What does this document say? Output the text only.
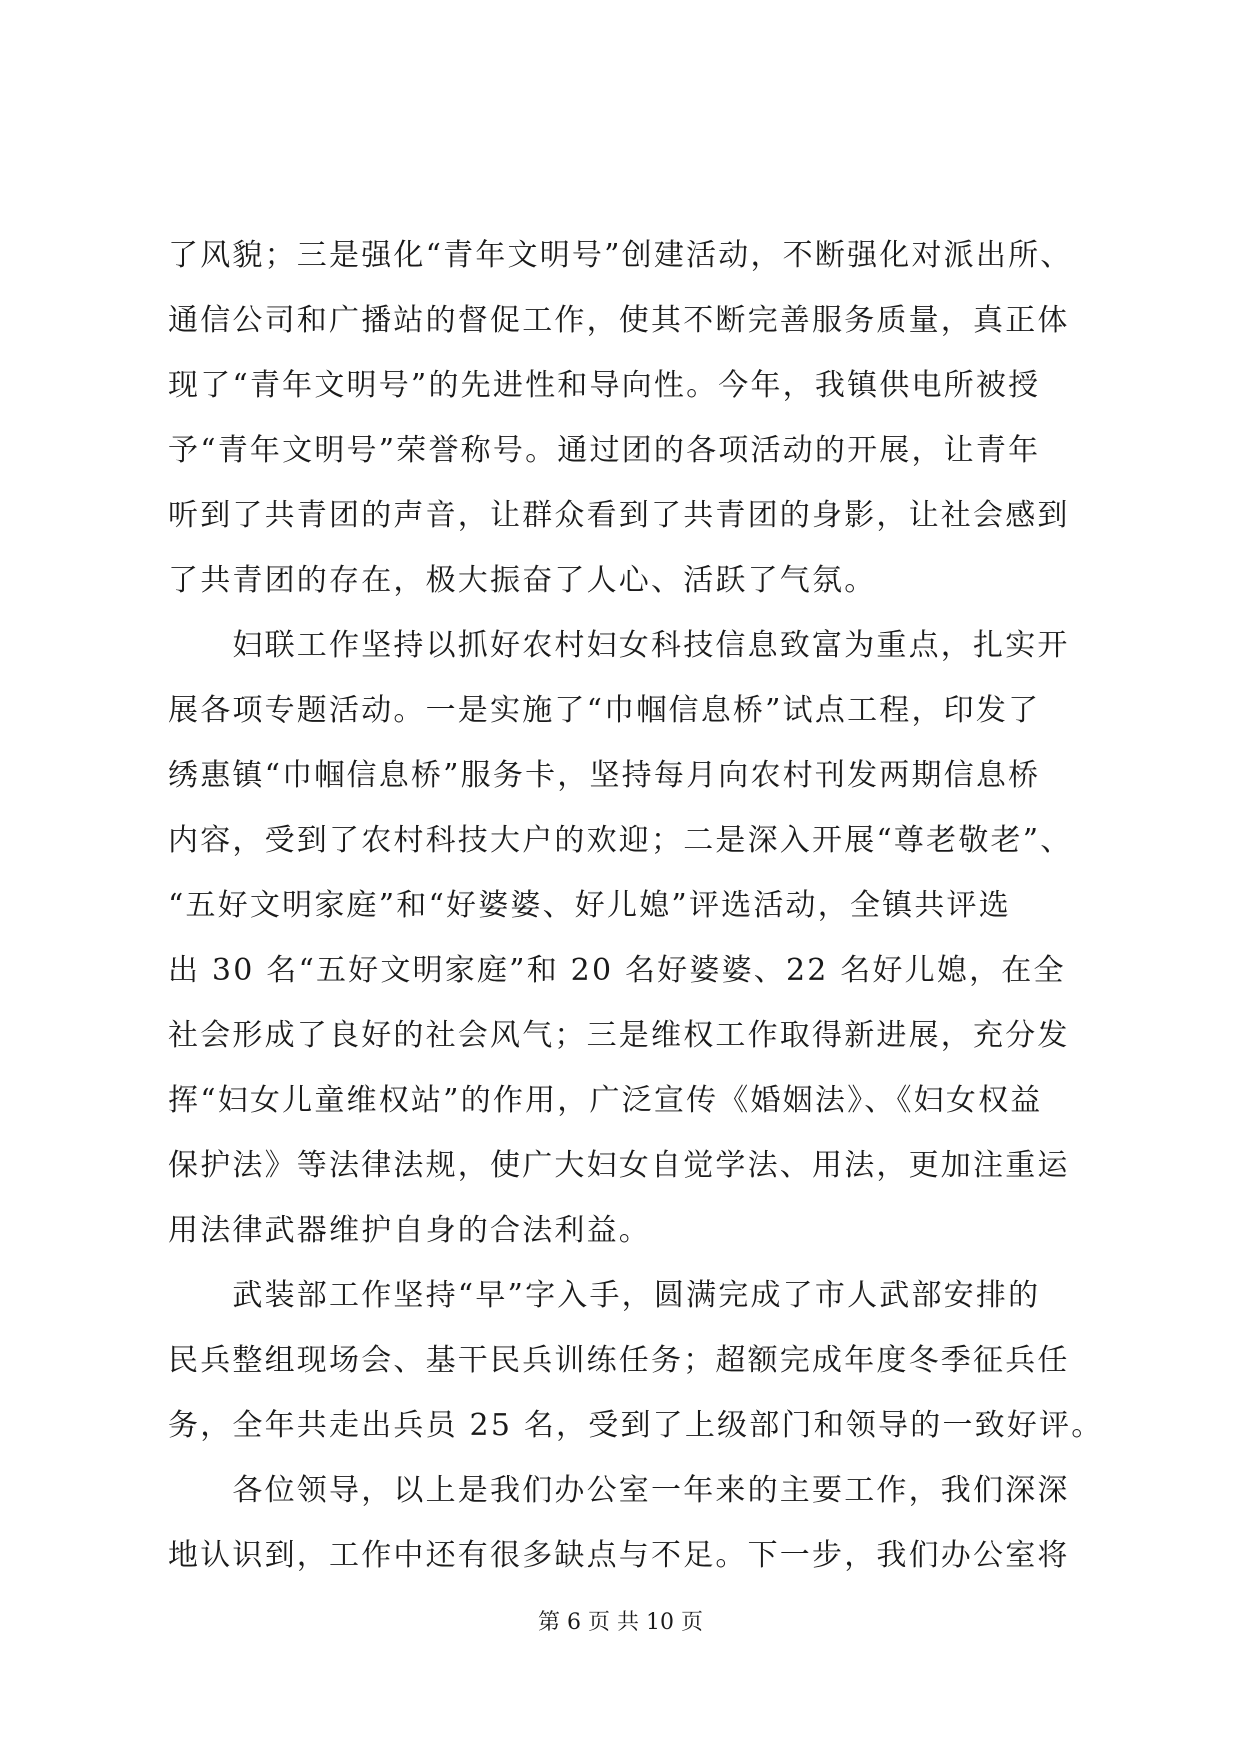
了风貌；三是强化“青年文明号”创建活动，不断强化对派出所、
通信公司和广播站的督促工作，使其不断完善服务质量，真正体
现了“青年文明号”的先进性和导向性。今年，我镇供电所被授
予“青年文明号”荣誉称号。通过团的各项活动的开展，让青年
听到了共青团的声音，让群众看到了共青团的身影，让社会感到
了共青团的存在，极大振奋了人心、活跃了气氛。
　　妇联工作坚持以抓好农村妇女科技信息致富为重点，扎实开
展各项专题活动。一是实施了“巾帼信息桥”试点工程，印发了
绣惠镇“巾帼信息桥”服务卡，坚持每月向农村刊发两期信息桥
内容，受到了农村科技大户的欢迎；二是深入开展“尊老敬老”、
“五好文明家庭”和“好婆婆、好儿媳”评选活动，全镇共评选
出 30 名“五好文明家庭”和 20 名好婆婆、22 名好儿媳，在全
社会形成了良好的社会风气；三是维权工作取得新进展，充分发
挥“妇女儿童维权站”的作用，广泛宣传《婚姻法》、《妇女权益
保护法》等法律法规，使广大妇女自觉学法、用法，更加注重运
用法律武器维护自身的合法利益。
　　武装部工作坚持“早”字入手，圆满完成了市人武部安排的
民兵整组现场会、基干民兵训练任务；超额完成年度冬季征兵任
务，全年共走出兵员 25 名，受到了上级部门和领导的一致好评。
　　各位领导，以上是我们办公室一年来的主要工作，我们深深
地认识到，工作中还有很多缺点与不足。下一步，我们办公室将
第 6 页 共 10 页
